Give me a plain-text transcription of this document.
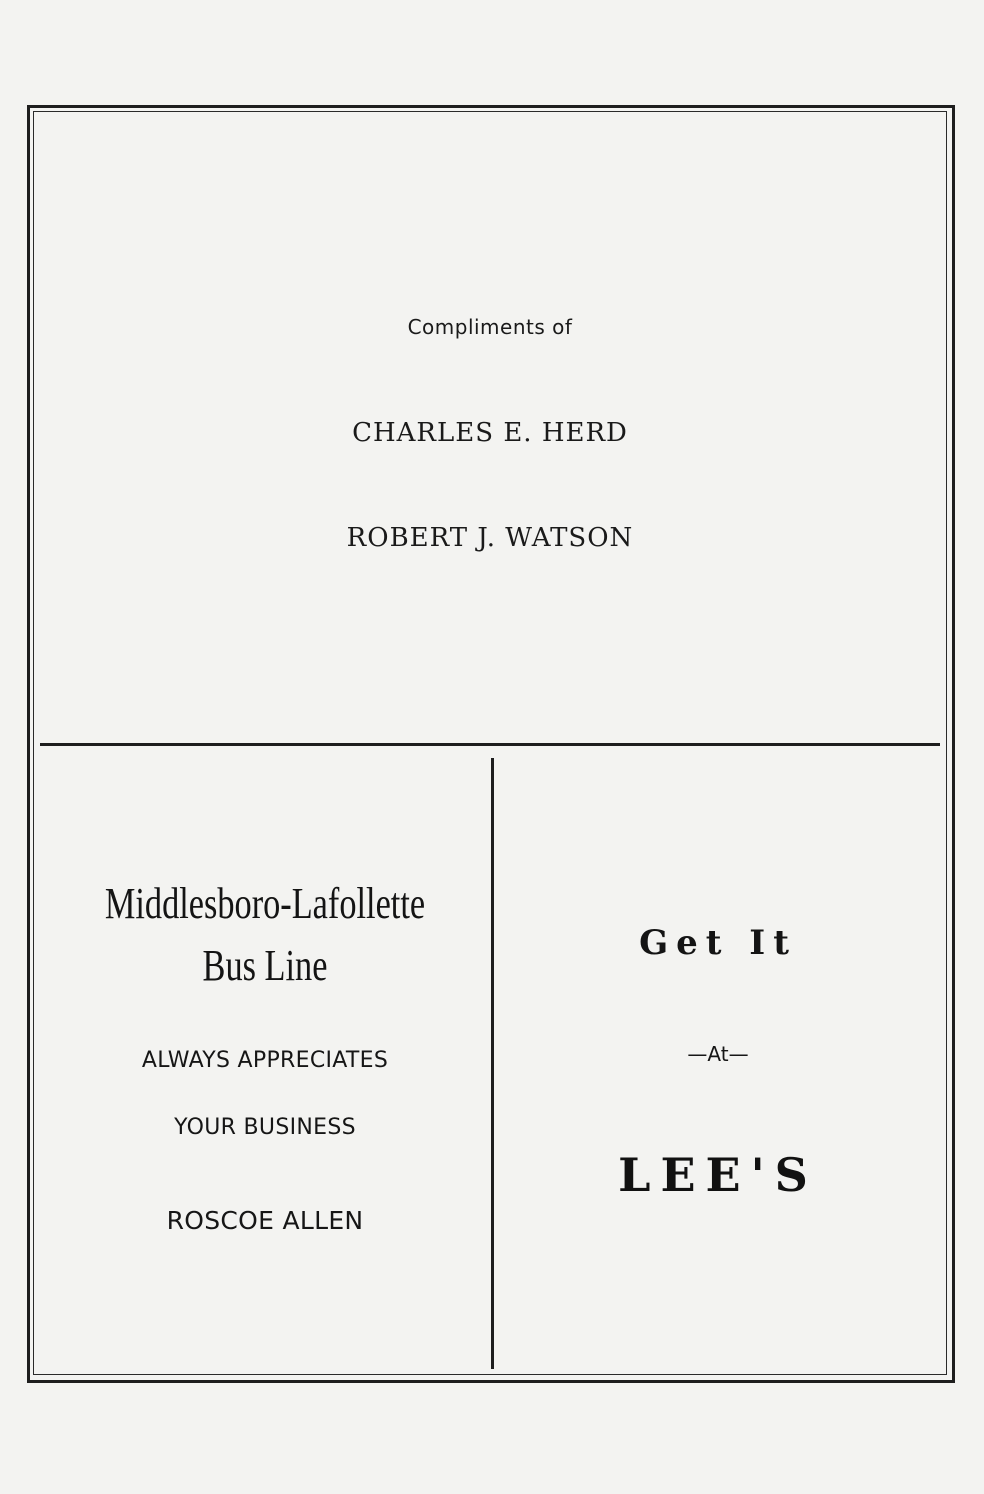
Compliments of
CHARLES E. HERD
ROBERT J. WATSON
Middlesboro-Lafollette
Bus Line
ALWAYS APPRECIATES
YOUR BUSINESS
ROSCOE ALLEN
Get It
—At—
LEE'S
